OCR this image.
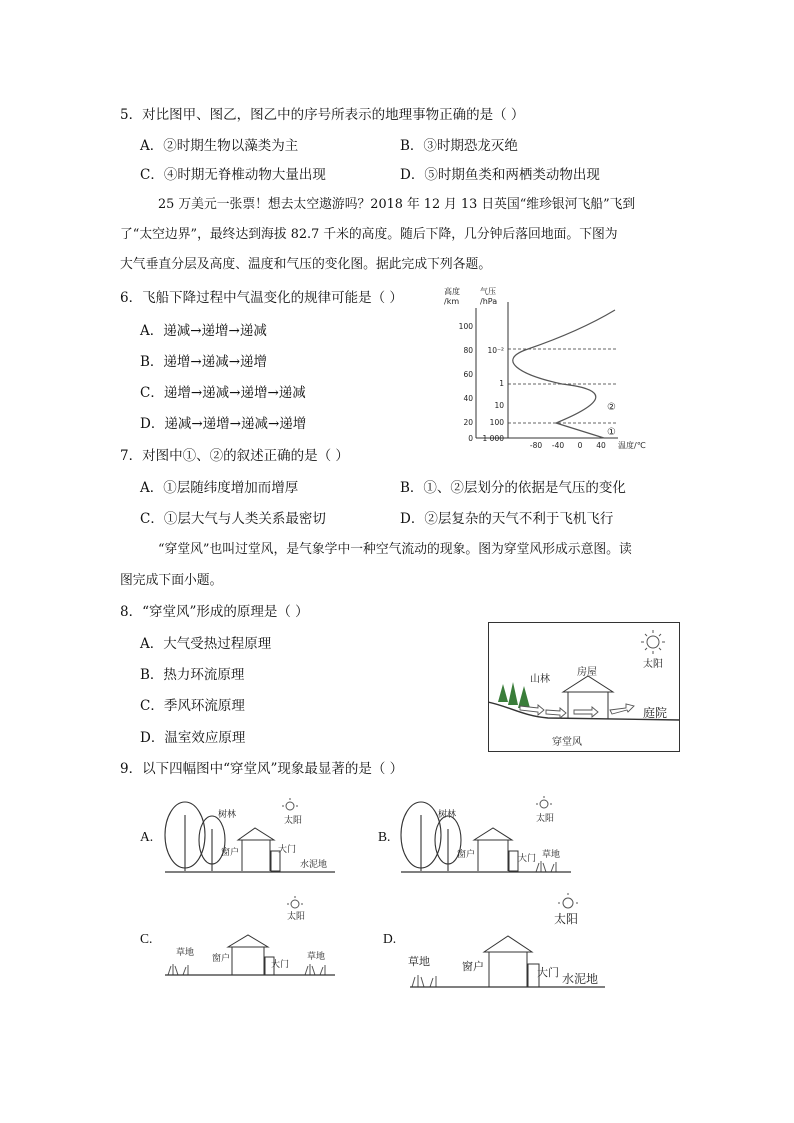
5．对比图甲、图乙，图乙中的序号所表示的地理事物正确的是（ ）
A．②时期生物以藻类为主	B．③时期恐龙灭绝
C．④时期无脊椎动物大量出现	D．⑤时期鱼类和两栖类动物出现
25 万美元一张票！想去太空遨游吗？2018 年 12 月 13 日英国“维珍银河飞船”飞到
了“太空边界”，最终达到海拔 82.7 千米的高度。随后下降，几分钟后落回地面。下图为
大气垂直分层及高度、温度和气压的变化图。据此完成下列各题。
6．飞船下降过程中气温变化的规律可能是（ ）
A．递减→递增→递减
B．递增→递减→递增
C．递增→递减→递增→递减
D．递减→递增→递减→递增
高度
/km
气压
/hPa
100
80
60
40
20
0
10⁻²
1
10
100
1 000
-80 -40 0 40 温度/℃
②
①
7．对图中①、②的叙述正确的是（ ）
A．①层随纬度增加而增厚	B．①、②层划分的依据是气压的变化
C．①层大气与人类关系最密切	D．②层复杂的天气不利于飞机飞行
“穿堂风”也叫过堂风，是气象学中一种空气流动的现象。图为穿堂风形成示意图。读
图完成下面小题。
8．“穿堂风”形成的原理是（ ）
A．大气受热过程原理
B．热力环流原理
C．季风环流原理
D．温室效应原理
太阳
山林
房屋
庭院
穿堂风
9．以下四幅图中“穿堂风”现象最显著的是（ ）
A.
树林
太阳
窗户	大门
水泥地
B.
树林	太阳
窗户	大门 草地
C.
太阳
草地
窗户
大门
草地
D.
太阳
草地	窗户	大门 水泥地
